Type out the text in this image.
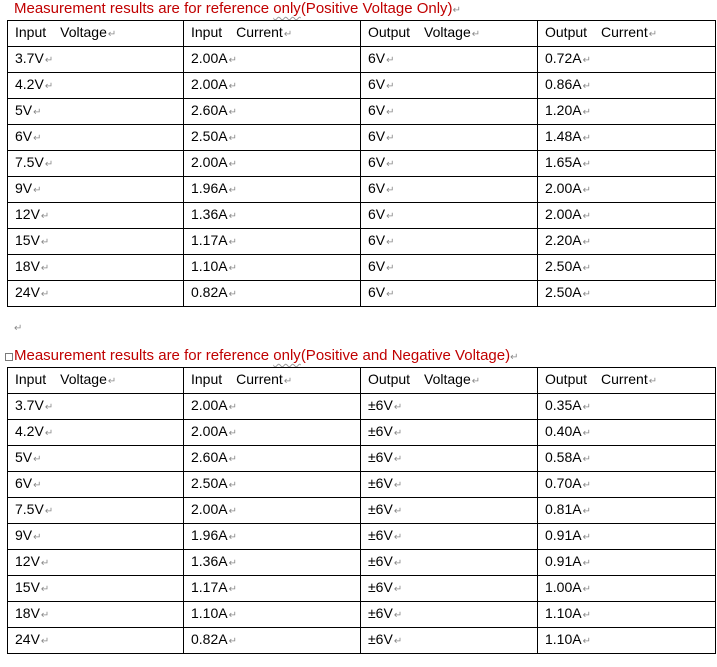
Measurement results are for reference only(Positive Voltage Only)↵
Input Voltage↵	Input Current↵	Output Voltage↵	Output Current↵
3.7V↵	2.00A↵	6V↵	0.72A↵
4.2V↵	2.00A↵	6V↵	0.86A↵
5V↵	2.60A↵	6V↵	1.20A↵
6V↵	2.50A↵	6V↵	1.48A↵
7.5V↵	2.00A↵	6V↵	1.65A↵
9V↵	1.96A↵	6V↵	2.00A↵
12V↵	1.36A↵	6V↵	2.00A↵
15V↵	1.17A↵	6V↵	2.20A↵
18V↵	1.10A↵	6V↵	2.50A↵
24V↵	0.82A↵	6V↵	2.50A↵
↵
Measurement results are for reference only(Positive and Negative Voltage)↵
Input Voltage↵	Input Current↵	Output Voltage↵	Output Current↵
3.7V↵	2.00A↵	±6V↵	0.35A↵
4.2V↵	2.00A↵	±6V↵	0.40A↵
5V↵	2.60A↵	±6V↵	0.58A↵
6V↵	2.50A↵	±6V↵	0.70A↵
7.5V↵	2.00A↵	±6V↵	0.81A↵
9V↵	1.96A↵	±6V↵	0.91A↵
12V↵	1.36A↵	±6V↵	0.91A↵
15V↵	1.17A↵	±6V↵	1.00A↵
18V↵	1.10A↵	±6V↵	1.10A↵
24V↵	0.82A↵	±6V↵	1.10A↵
